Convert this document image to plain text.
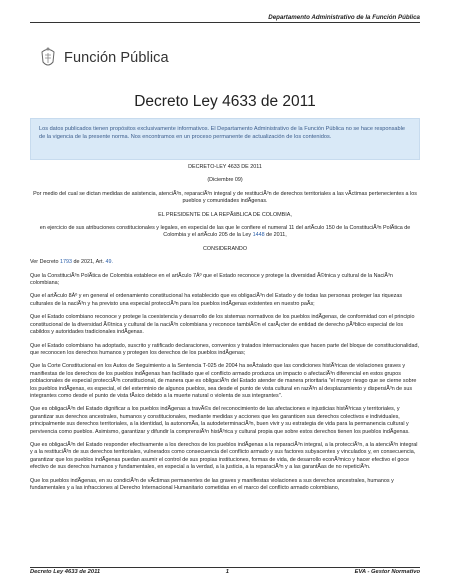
Departamento Administrativo de la Función Pública
Función Pública
Decreto Ley 4633 de 2011
Los datos publicados tienen propósitos exclusivamente informativos. El Departamento Administrativo de la Función Pública no se hace responsable de la vigencia de la presente norma. Nos encontramos en un proceso permanente de actualización de los contenidos.

DECRETO-LEY 4633 DE 2011

(Diciembre 09)

Por medio del cual se dictan medidas de asistencia, atenciÃ³n, reparaciÃ³n integral y de restituciÃ³n de derechos territoriales a las vÃctimas pertenecientes a los pueblos y comunidades indÃgenas.

EL PRESIDENTE DE LA REPÃšBLICA DE COLOMBIA,

en ejercicio de sus atribuciones constitucionales y legales, en especial de las que le confiere el numeral 11 del artÃculo 150 de la ConstituciÃ³n PolÃtica de Colombia y el artÃculo 205 de la Ley 1448 de 2011,

CONSIDERANDO

Ver Decreto 1793 de 2021, Art. 49.

Que la ConstituciÃ³n PolÃtica de Colombia establece en el artÃculo 7Âº que el Estado reconoce y protege la diversidad Ã©tnica y cultural de la NaciÃ³n colombiana;

Que el artÃculo 8Âº y en general el ordenamiento constitucional ha establecido que es obligaciÃ³n del Estado y de todas las personas proteger las riquezas culturales de la naciÃ³n y ha previsto una especial protecciÃ³n para los pueblos indÃgenas existentes en nuestro paÃs;

Que el Estado colombiano reconoce y protege la coexistencia y desarrollo de los sistemas normativos de los pueblos indÃgenas, de conformidad con el principio constitucional de la diversidad Ã©tnica y cultural de la naciÃ³n colombiana y reconoce tambiÃ©n el carÃ¡cter de entidad de derecho pÃºblico especial de los cabildos y autoridades tradicionales indÃgenas.

Que el Estado colombiano ha adoptado, suscrito y ratificado declaraciones, convenios y tratados internacionales que hacen parte del bloque de constitucionalidad, que reconocen los derechos humanos y protegen los derechos de los pueblos indÃgenas;

Que la Corte Constitucional en los Autos de Seguimiento a la Sentencia T-025 de 2004 ha seÃ±alado que las condiciones histÃ³ricas de violaciones graves y manifiestas de los derechos de los pueblos indÃgenas han facilitado que el conflicto armado produzca un impacto o afectaciÃ³n diferencial en estos grupos poblacionales de especial protecciÃ³n constitucional, de manera que es obligaciÃ³n del Estado atender de manera prioritaria "el mayor riesgo que se cierne sobre los pueblos indÃgenas, es especial, el del exterminio de algunos pueblos, sea desde el punto de vista cultural en razÃ³n al desplazamiento y dispersiÃ³n de sus integrantes como desde el punto de vista fÃsico debido a la muerte natural o violenta de sus integrantes".

Que es obligaciÃ³n del Estado dignificar a los pueblos indÃgenas a travÃ©s del reconocimiento de las afectaciones e injusticias histÃ³ricas y territoriales, y garantizar sus derechos ancestrales, humanos y constitucionales, mediante medidas y acciones que les garanticen sus derechos colectivos e individuales, principalmente sus derechos territoriales, a la identidad, la autonomÃa, la autodeterminaciÃ³n, buen vivir y su estrategia de vida para la permanencia cultural y pervivencia como pueblos. Asimismo, garantizar y difundir la comprensiÃ³n histÃ³rica y cultural propia que sobre estos derechos tienen los pueblos indÃgenas.

Que es obligaciÃ³n del Estado responder efectivamente a los derechos de los pueblos indÃgenas a la reparaciÃ³n integral, a la protecciÃ³n, a la atenciÃ³n integral y a la restituciÃ³n de sus derechos territoriales, vulnerados como consecuencia del conflicto armado y sus factores subyacentes y vinculados y, en consecuencia, garantizar que los pueblos indÃgenas puedan asumir el control de sus propias instituciones, formas de vida, de desarrollo econÃ³mico y hacer efectivo el goce efectivo de sus derechos humanos y fundamentales, en especial a la verdad, a la justicia, a la reparaciÃ³n y a las garantÃas de no repeticiÃ³n.

Que los pueblos indÃgenas, en su condiciÃ³n de vÃctimas permanentes de las graves y manifiestas violaciones a sus derechos ancestrales, humanos y fundamentales y a las infracciones al Derecho Internacional Humanitario cometidas en el marco del conflicto armado colombiano,

Decreto Ley 4633 de 2011	1	EVA - Gestor Normativo
